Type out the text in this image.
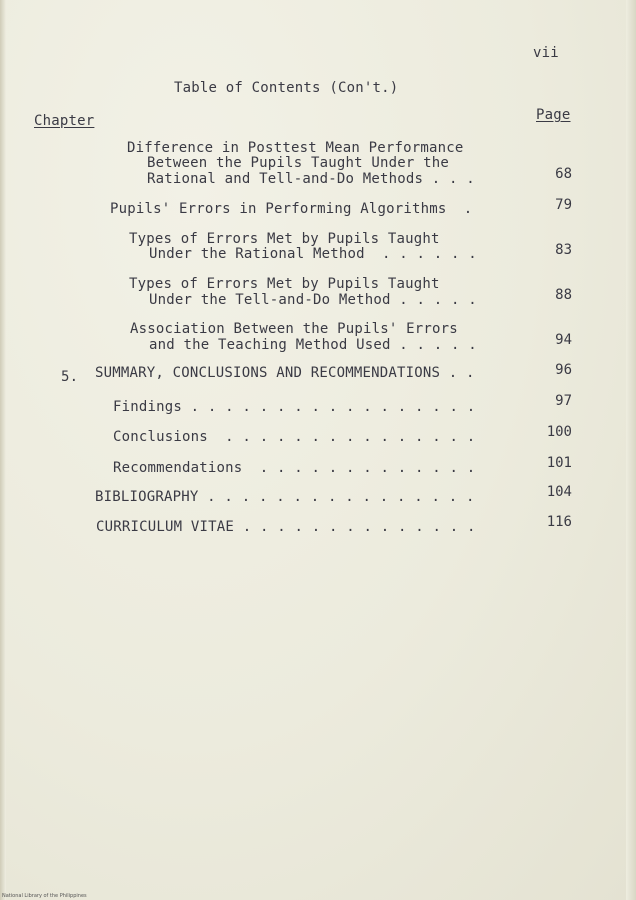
vii
Table of Contents (Con't.)
Chapter	Page
Difference in Posttest Mean Performance
Between the Pupils Taught Under the
Rational and Tell-and-Do Methods . . .	68
Pupils' Errors in Performing Algorithms  .	79
Types of Errors Met by Pupils Taught
Under the Rational Method  . . . . . .	83
Types of Errors Met by Pupils Taught
Under the Tell-and-Do Method . . . . .	88
Association Between the Pupils' Errors
and the Teaching Method Used . . . . .	94
5. SUMMARY, CONCLUSIONS AND RECOMMENDATIONS . .	96
Findings . . . . . . . . . . . . . . . . .	97
Conclusions  . . . . . . . . . . . . . . .	100
Recommendations  . . . . . . . . . . . . .	101
BIBLIOGRAPHY . . . . . . . . . . . . . . . .	104
CURRICULUM VITAE . . . . . . . . . . . . . .	116
National Library of the Philippines
